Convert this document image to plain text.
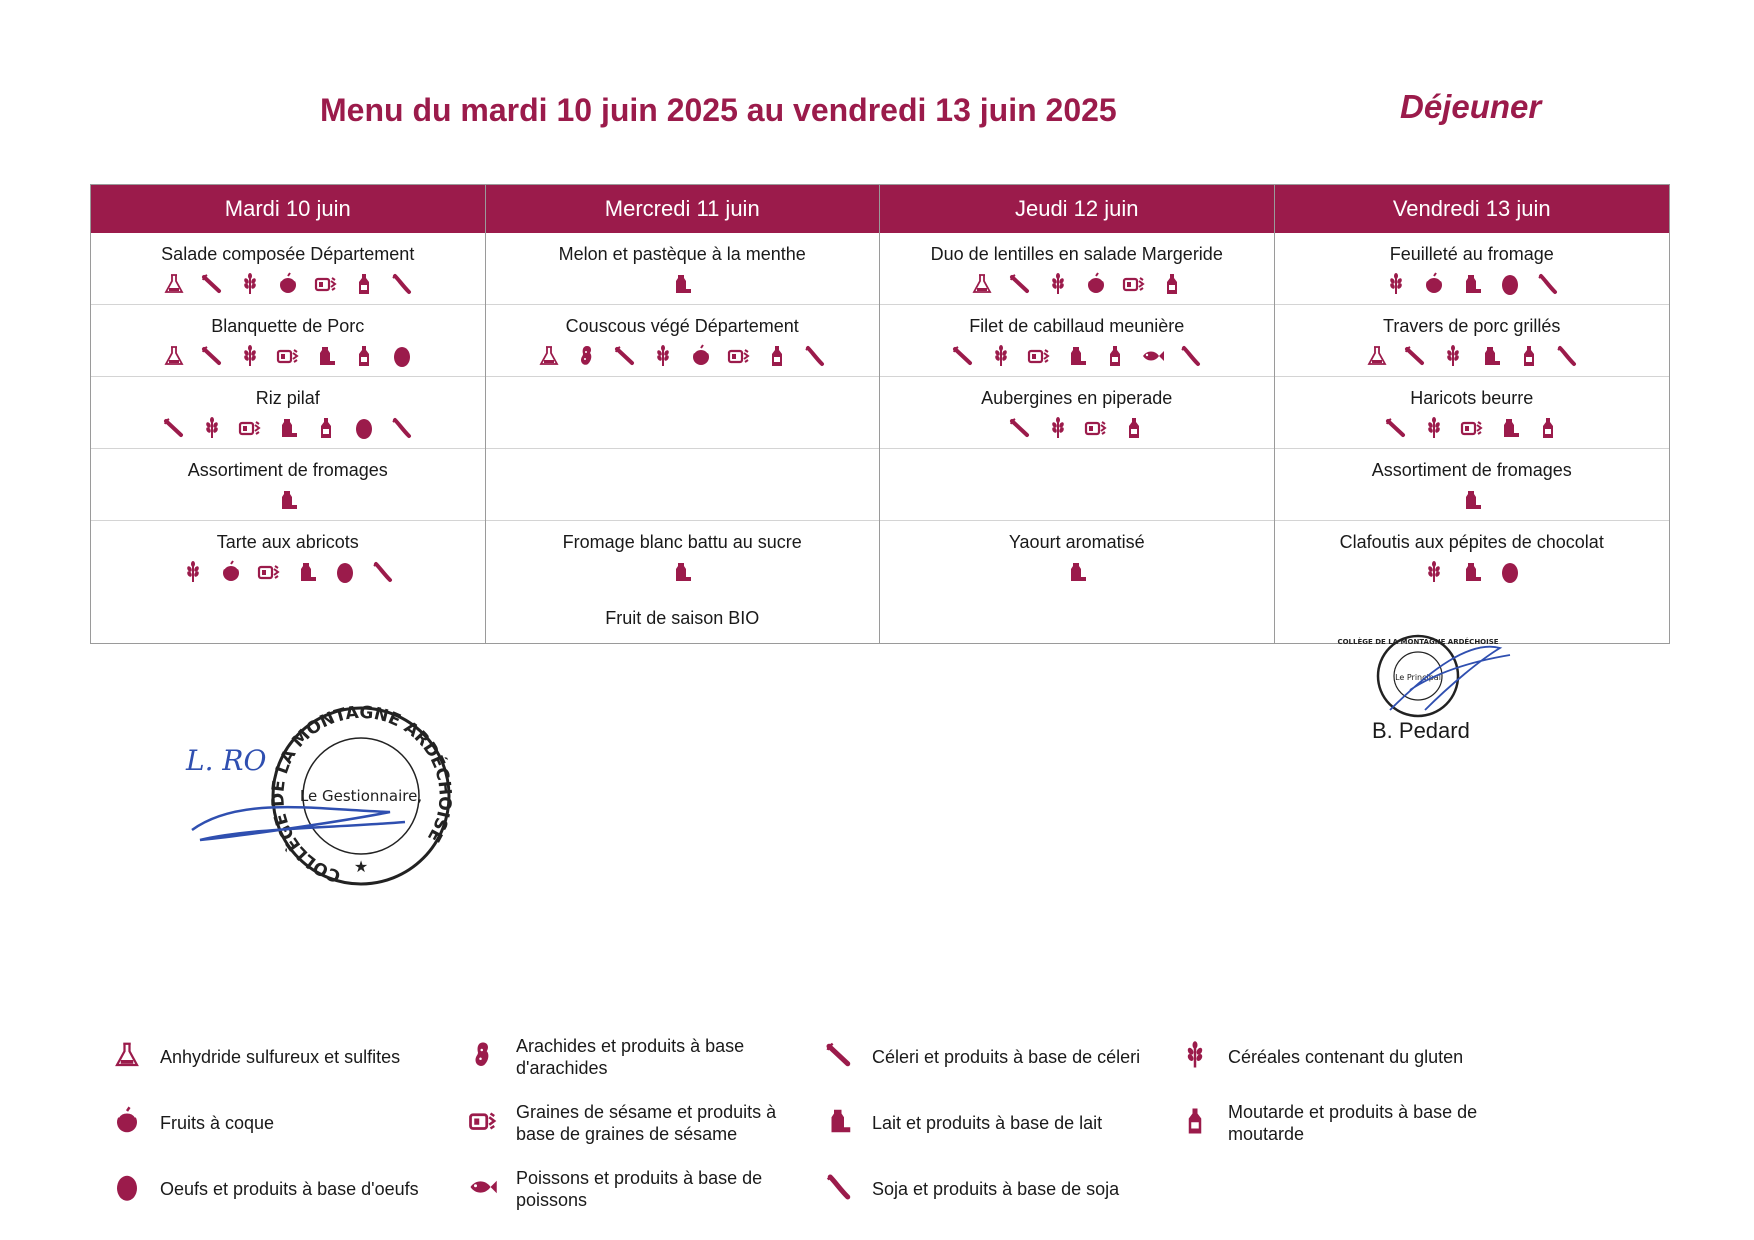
Menu du mardi 10 juin 2025 au vendredi 13 juin 2025	Déjeuner
Mardi 10 juin
Salade composée Département
Blanquette de Porc
Riz pilaf
Assortiment de fromages
Tarte aux abricots
Mercredi 11 juin
Melon et pastèque à la menthe
Couscous végé Département
Fromage blanc battu au sucre
Fruit de saison BIO
Jeudi 12 juin
Duo de lentilles en salade Margeride
Filet de cabillaud meunière
Aubergines en piperade
Yaourt aromatisé
Vendredi 13 juin
Feuilleté au fromage
Travers de porc grillés
Haricots beurre
Assortiment de fromages
Clafoutis aux pépites de chocolat
COLLÈGE DE LA MONTAGNE ARDÉCHOISE
Le Gestionnaire,
★
L. RO
Le Principal
COLLÈGE DE LA MONTAGNE ARDÉCHOISE
B. Pedard
Anhydride sulfureux et sulfites
Arachides et produits à base d'arachides
Céleri et produits à base de céleri	Céréales contenant du gluten
Fruits à coque
Graines de sésame et produits à base de graines de sésame
Lait et produits à base de lait
Moutarde et produits à base de moutarde
Oeufs et produits à base d'oeufs
Poissons et produits à base de poissons
Soja et produits à base de soja
